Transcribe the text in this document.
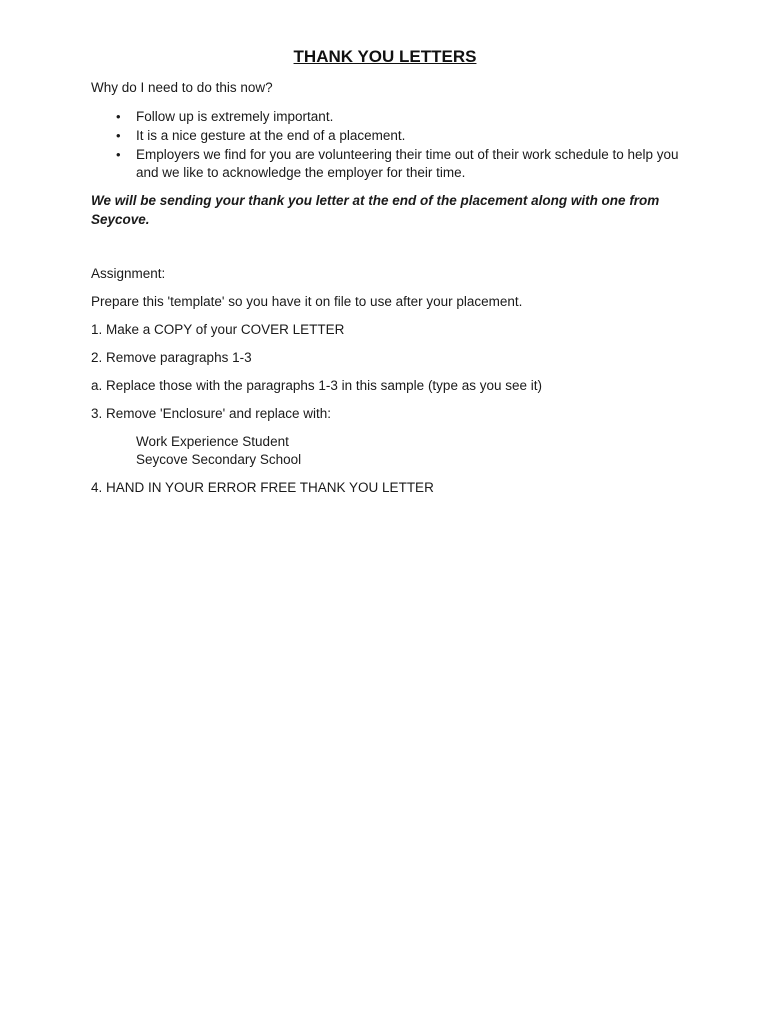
THANK YOU LETTERS
Why do I need to do this now?
• Follow up is extremely important.
• It is a nice gesture at the end of a placement.
• Employers we find for you are volunteering their time out of their work schedule to help you and we like to acknowledge the employer for their time.
We will be sending your thank you letter at the end of the placement along with one from Seycove.
Assignment:
Prepare this 'template' so you have it on file to use after your placement.
1. Make a COPY of your COVER LETTER
2. Remove paragraphs 1-3
a. Replace those with the paragraphs 1-3 in this sample (type as you see it)
3. Remove 'Enclosure' and replace with:
Work Experience Student
Seycove Secondary School
4. HAND IN YOUR ERROR FREE THANK YOU LETTER
